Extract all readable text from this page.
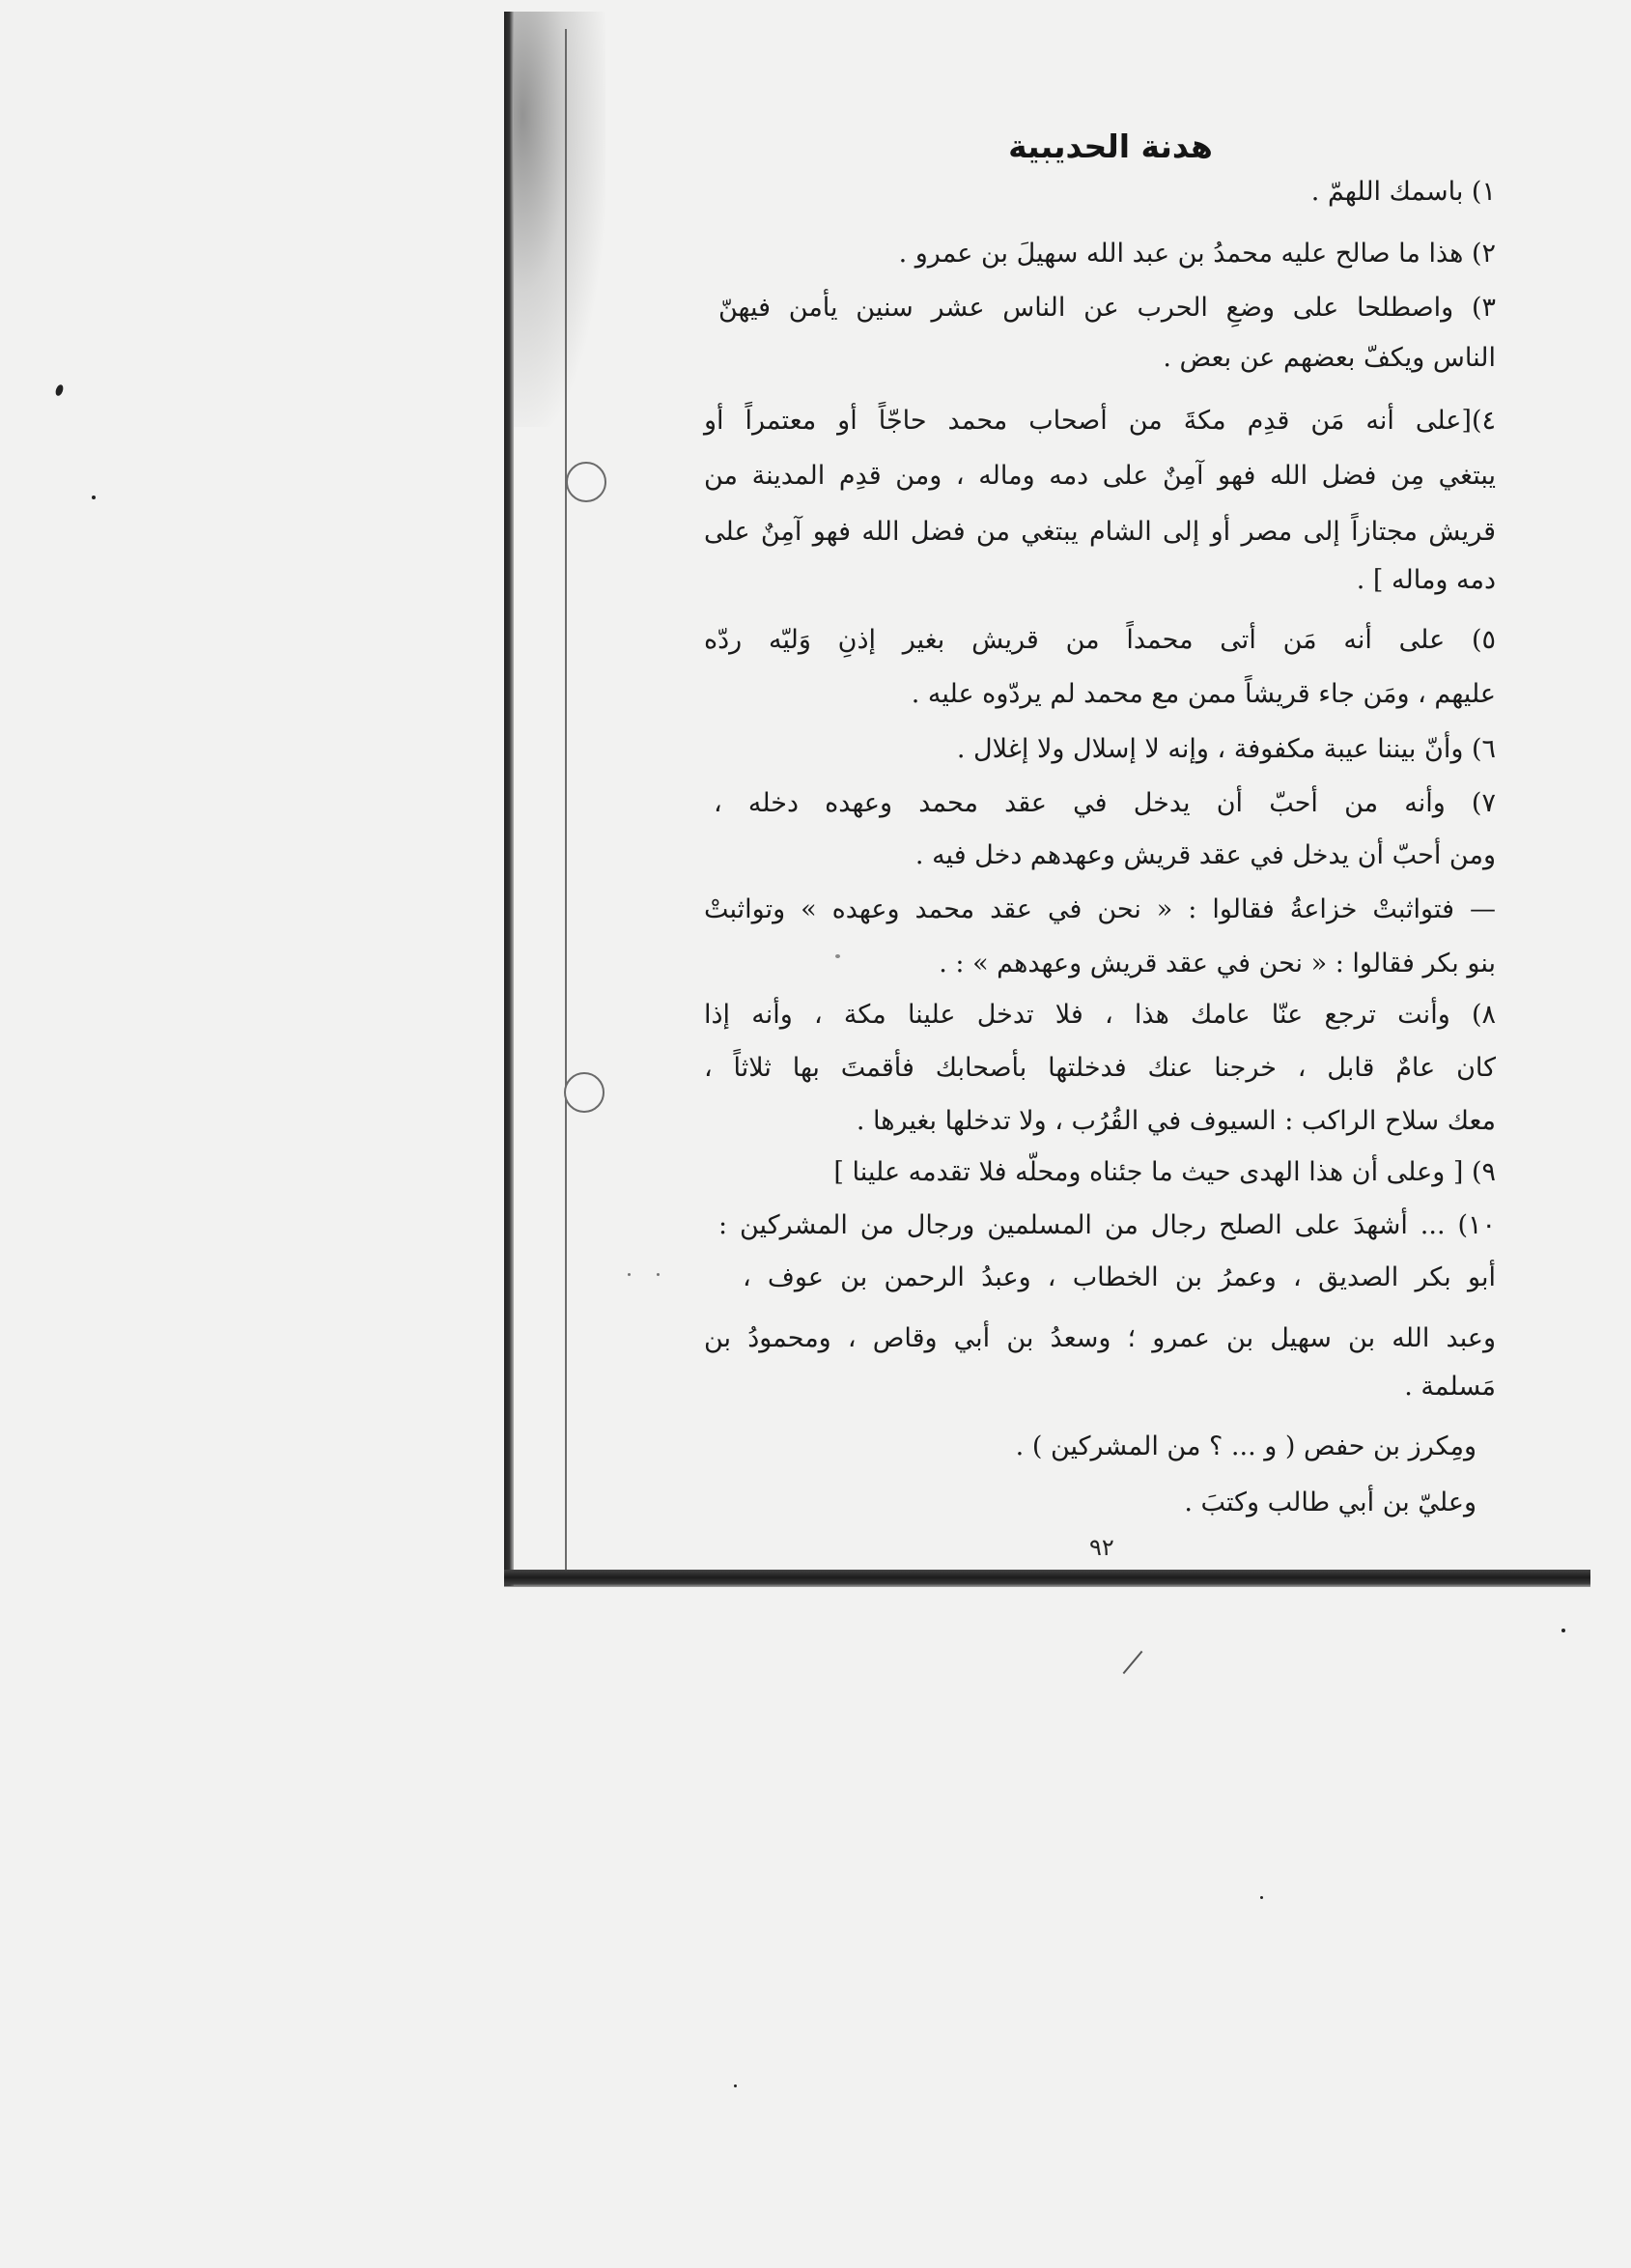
هدنة الحديبية
١) باسمك اللهمّ .
٢) هذا ما صالح عليه محمدُ بن عبد الله سهيلَ بن عمرو .
٣) واصطلحا على وضعِ الحرب عن الناس عشر سنين يأمن فيهنّ
الناس ويكفّ بعضهم عن بعض .
٤)[على أنه مَن قدِم مكةَ من أصحاب محمد حاجّاً أو معتمراً أو
يبتغي مِن فضل الله فهو آمِنٌ على دمه وماله ، ومن قدِم المدينة من
قريش مجتازاً إلى مصر أو إلى الشام يبتغي من فضل الله فهو آمِنٌ على
دمه وماله ] .
٥) على أنه مَن أتى محمداً من قريش بغير إذنِ وَليّه ردّه
عليهم ، ومَن جاء قريشاً ممن مع محمد لم يردّوه عليه .
٦) وأنّ بيننا عيبة مكفوفة ، وإنه لا إسلال ولا إغلال .
٧) وأنه من أحبّ أن يدخل في عقد محمد وعهده دخله ،
ومن أحبّ أن يدخل في عقد قريش وعهدهم دخل فيه .
— فتواثبتْ خزاعةُ فقالوا : « نحن في عقد محمد وعهده » وتواثبتْ
بنو بكر فقالوا : « نحن في عقد قريش وعهدهم » : .
٨) وأنت ترجع عنّا عامك هذا ، فلا تدخل علينا مكة ، وأنه إذا
كان عامٌ قابل ، خرجنا عنك فدخلتها بأصحابك فأقمتَ بها ثلاثاً ،
معك سلاح الراكب : السيوف في القُرُب ، ولا تدخلها بغيرها .
٩) [ وعلى أن هذا الهدى حيث ما جئناه ومحلّه فلا تقدمه علينا ]
١٠) ... أشهدَ على الصلح رجال من المسلمين ورجال من المشركين :
أبو بكر الصديق ، وعمرُ بن الخطاب ، وعبدُ الرحمن بن عوف ،
وعبد الله بن سهيل بن عمرو ؛ وسعدُ بن أبي وقاص ، ومحمودُ بن
مَسلمة .
ومِكرز بن حفص ( و ... ؟ من المشركين ) .
وعليّ بن أبي طالب وكتبَ .
٩٢
